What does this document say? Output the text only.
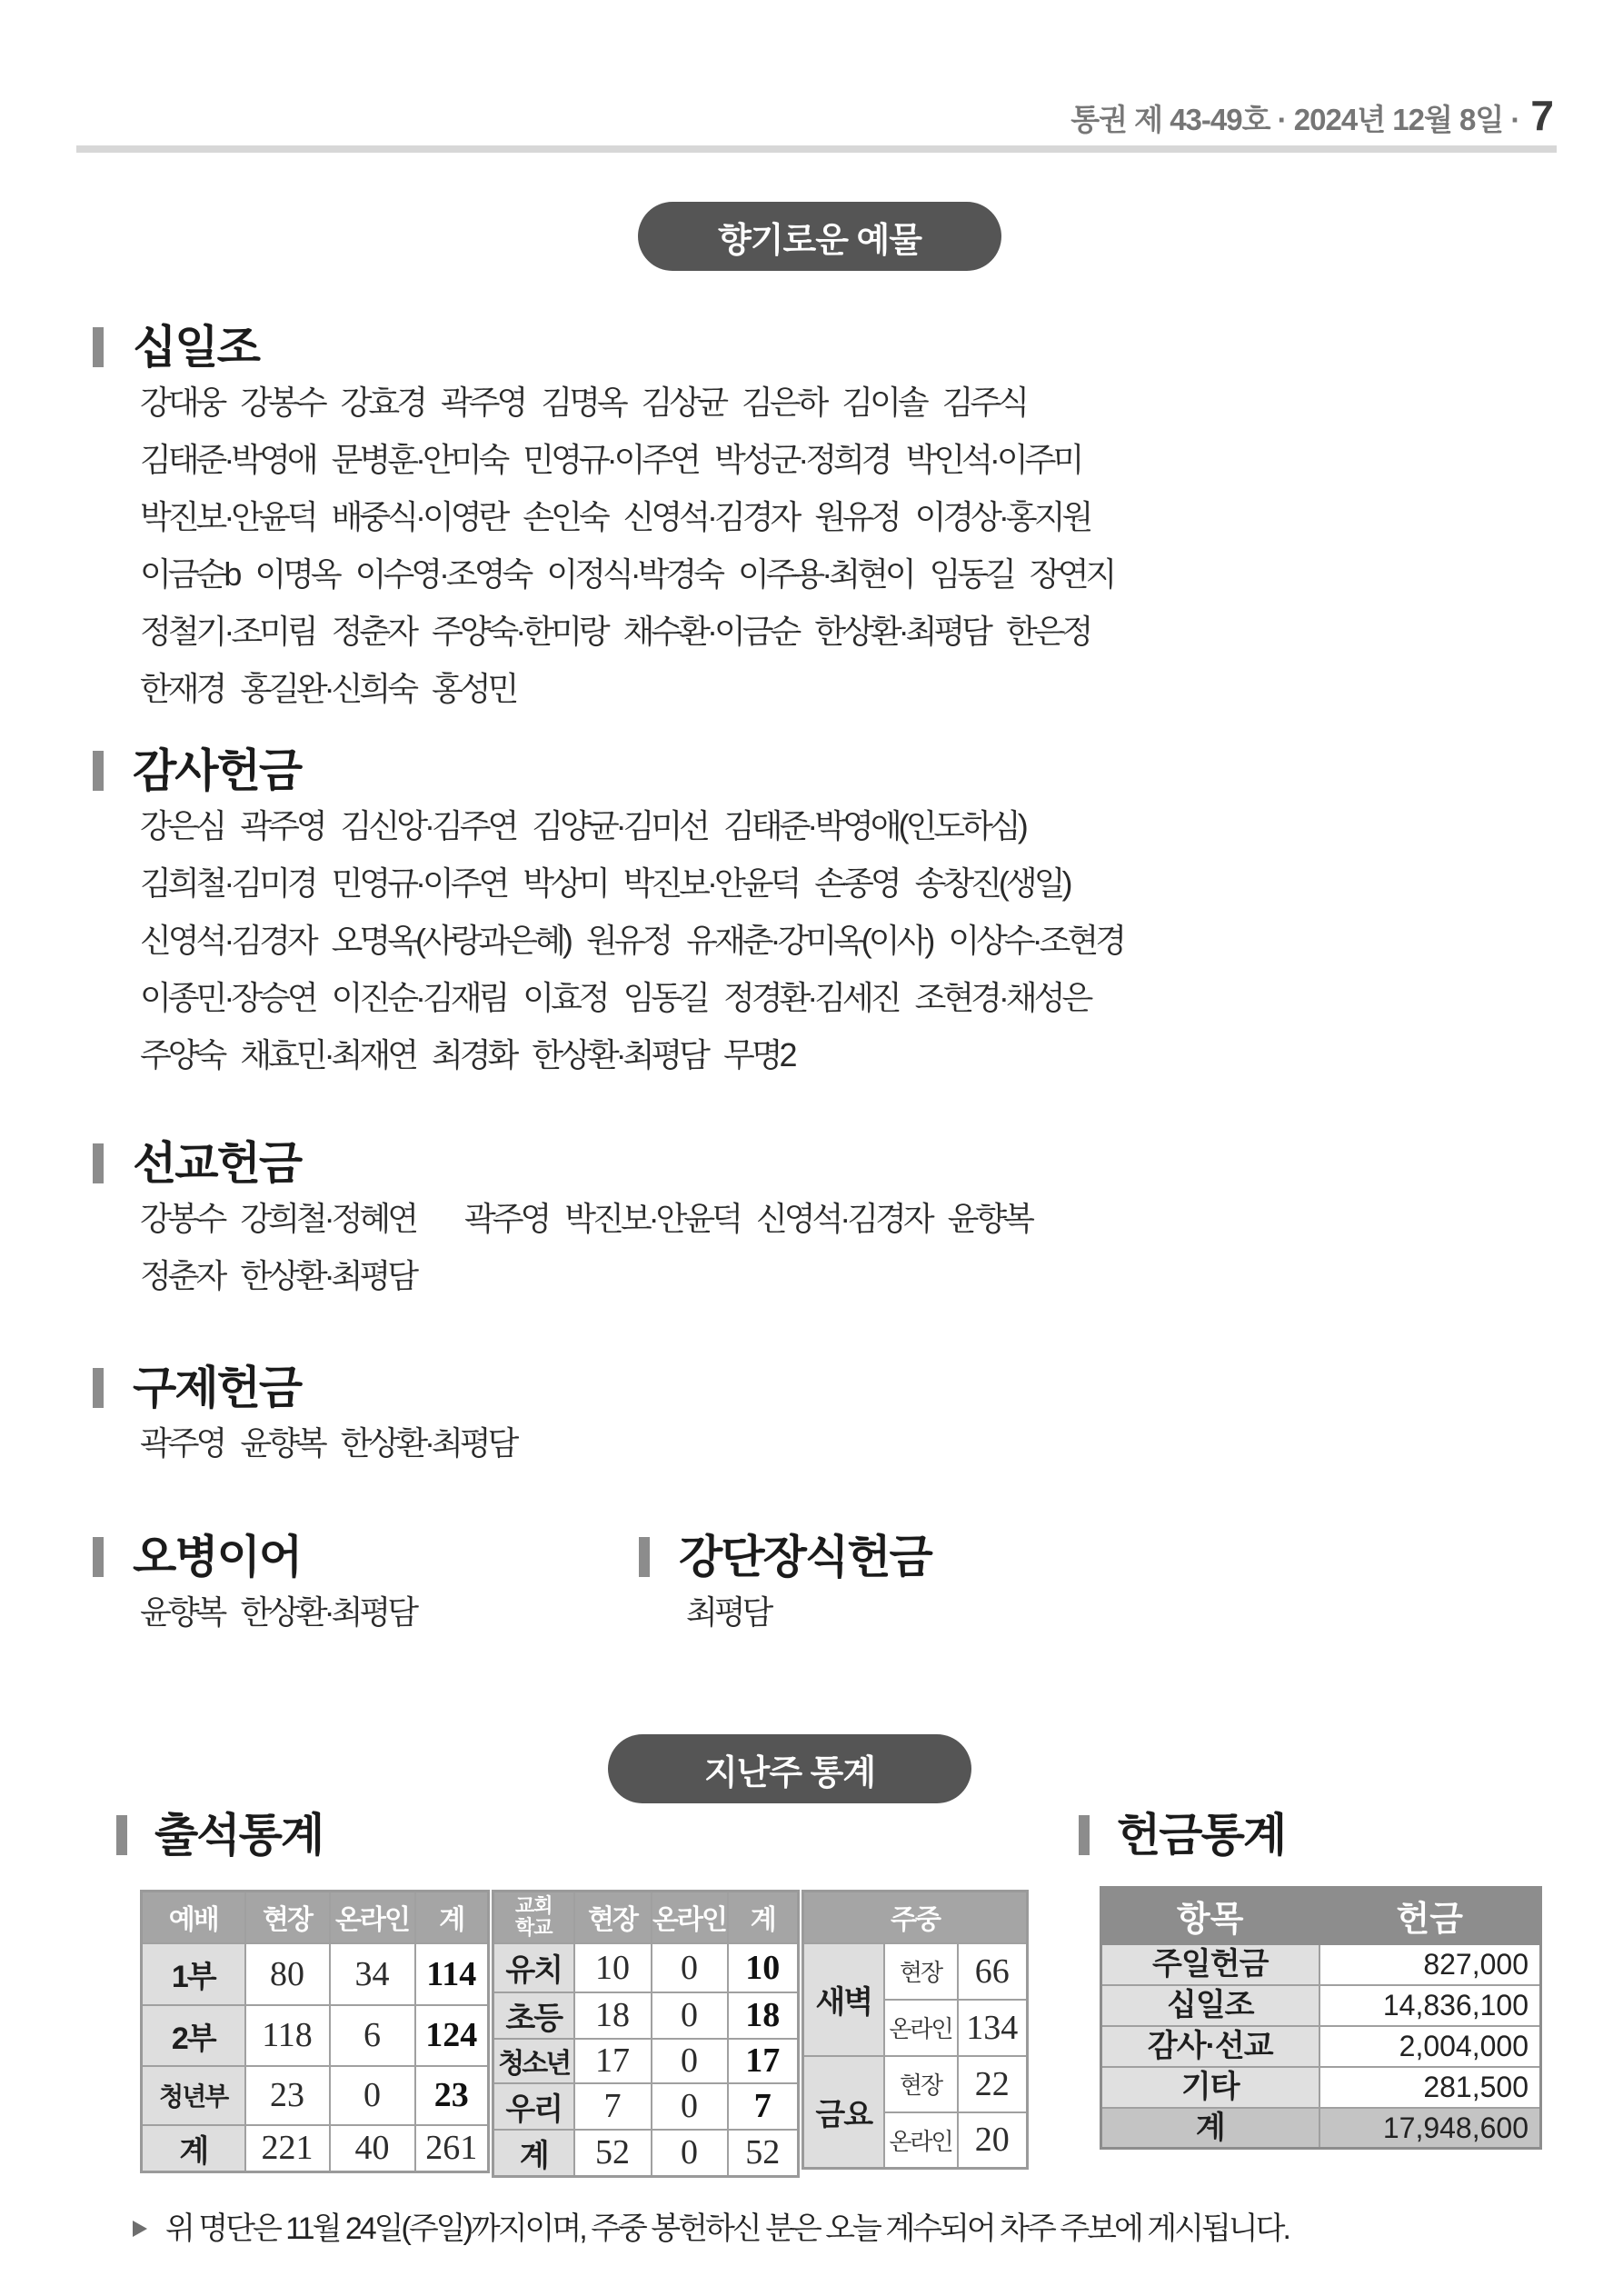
통권 제 43-49호 · 2024년 12월 8일 · 7
향기로운 예물
십일조
강대웅 강봉수 강효경 곽주영 김명옥 김상균 김은하 김이솔 김주식
김태준·박영애 문병훈·안미숙 민영규·이주연 박성군·정희경 박인석·이주미
박진보·안윤덕 배중식·이영란 손인숙 신영석·김경자 원유정 이경상·홍지원
이금순b 이명옥 이수영·조영숙 이정식·박경숙 이주용·최현이 임동길 장연지
정철기·조미림 정춘자 주양숙·한미랑 채수환·이금순 한상환·최평담 한은정
한재경 홍길완·신희숙 홍성민
감사헌금
강은심 곽주영 김신앙·김주연 김양균·김미선 김태준·박영애(인도하심)
김희철·김미경 민영규·이주연 박상미 박진보·안윤덕 손종영 송창진(생일)
신영석·김경자 오명옥(사랑과은혜) 원유정 유재춘·강미옥(이사) 이상수·조현경
이종민·장승연 이진순·김재림 이효정 임동길 정경환·김세진 조현경·채성은
주양숙 채효민·최재연 최경화 한상환·최평담 무명2
선교헌금
강봉수 강희철·정혜연   곽주영 박진보·안윤덕 신영석·김경자 윤향복
정춘자 한상환·최평담
구제헌금
곽주영 윤향복 한상환·최평담
오병이어
윤향복 한상환·최평담
강단장식헌금
최평담
지난주 통계
출석통계	헌금통계
예배	현장	온라인	계
1부	80	34	114
2부	118	6	124
청년부	23	0	23
계	221	40	261
교회
학교	현장	온라인	계
유치	10	0	10
초등	18	0	18
청소년	17	0	17
우리	7	0	7
계	52	0	52
주중		
새벽	현장	66
	온라인	134
금요	현장	22
	온라인	20
항목	헌금
주일헌금	827,000
십일조	14,836,100
감사·선교	2,004,000
기타	281,500
계	17,948,600
위 명단은 11월 24일(주일)까지이며, 주중 봉헌하신 분은 오늘 계수되어 차주 주보에 게시됩니다.
